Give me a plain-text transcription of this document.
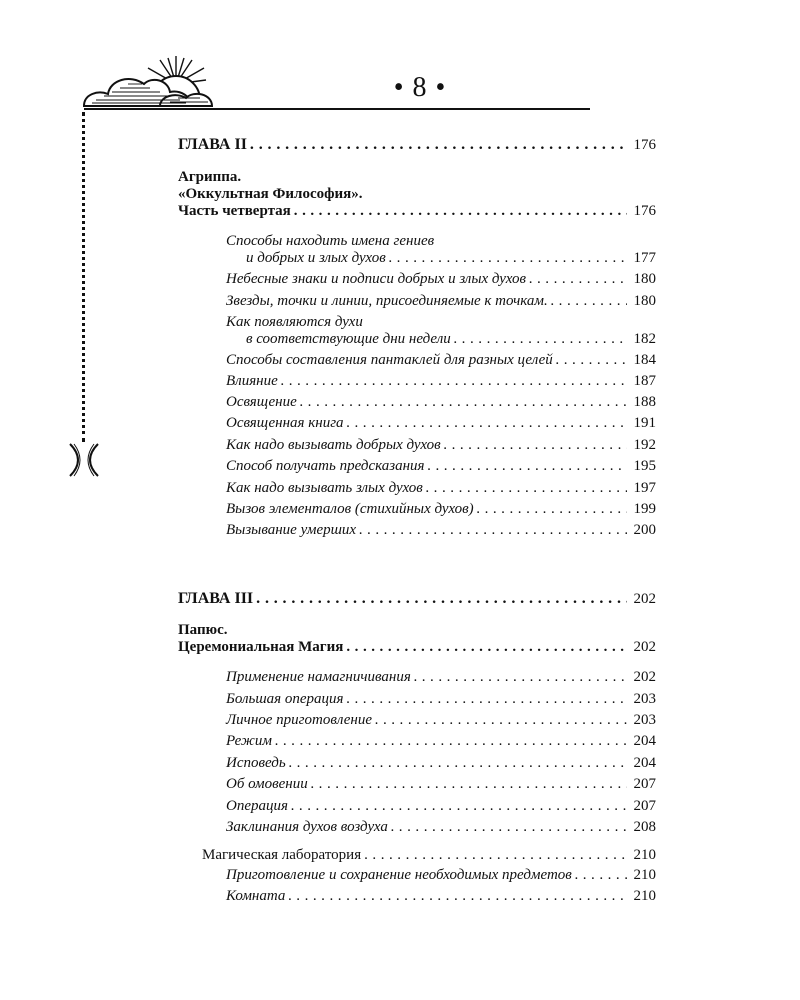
• 8 •
ГЛАВА II . . .	176
Агриппа.
«Оккультная Философия».
Часть четвертая . . .	176
Способы находить имена гениев
и добрых и злых духов . . .	177
Небесные знаки и подписи добрых и злых духов . . .	180
Звезды, точки и линии, присоединяемые к точкам. . . .	180
Как появляются духи
в соответствующие дни недели . . .	182
Способы составления пантаклей для разных целей . . .	184
Влияние . . .	187
Освящение . . .	188
Освященная книга . . .	191
Как надо вызывать добрых духов . . .	192
Способ получать предсказания . . .	195
Как надо вызывать злых духов . . .	197
Вызов элементалов (стихийных духов) . . .	199
Вызывание умерших . . .	200
ГЛАВА III . . .	202
Папюс.
Церемониальная Магия . . .	202
Применение намагничивания . . .	202
Большая операция . . .	203
Личное приготовление . . .	203
Режим . . .	204
Исповедь . . .	204
Об омовении . . .	207
Операция . . .	207
Заклинания духов воздуха . . .	208
Магическая лаборатория . . .	210
Приготовление и сохранение необходимых предметов . . .	210
Комната . . .	210
